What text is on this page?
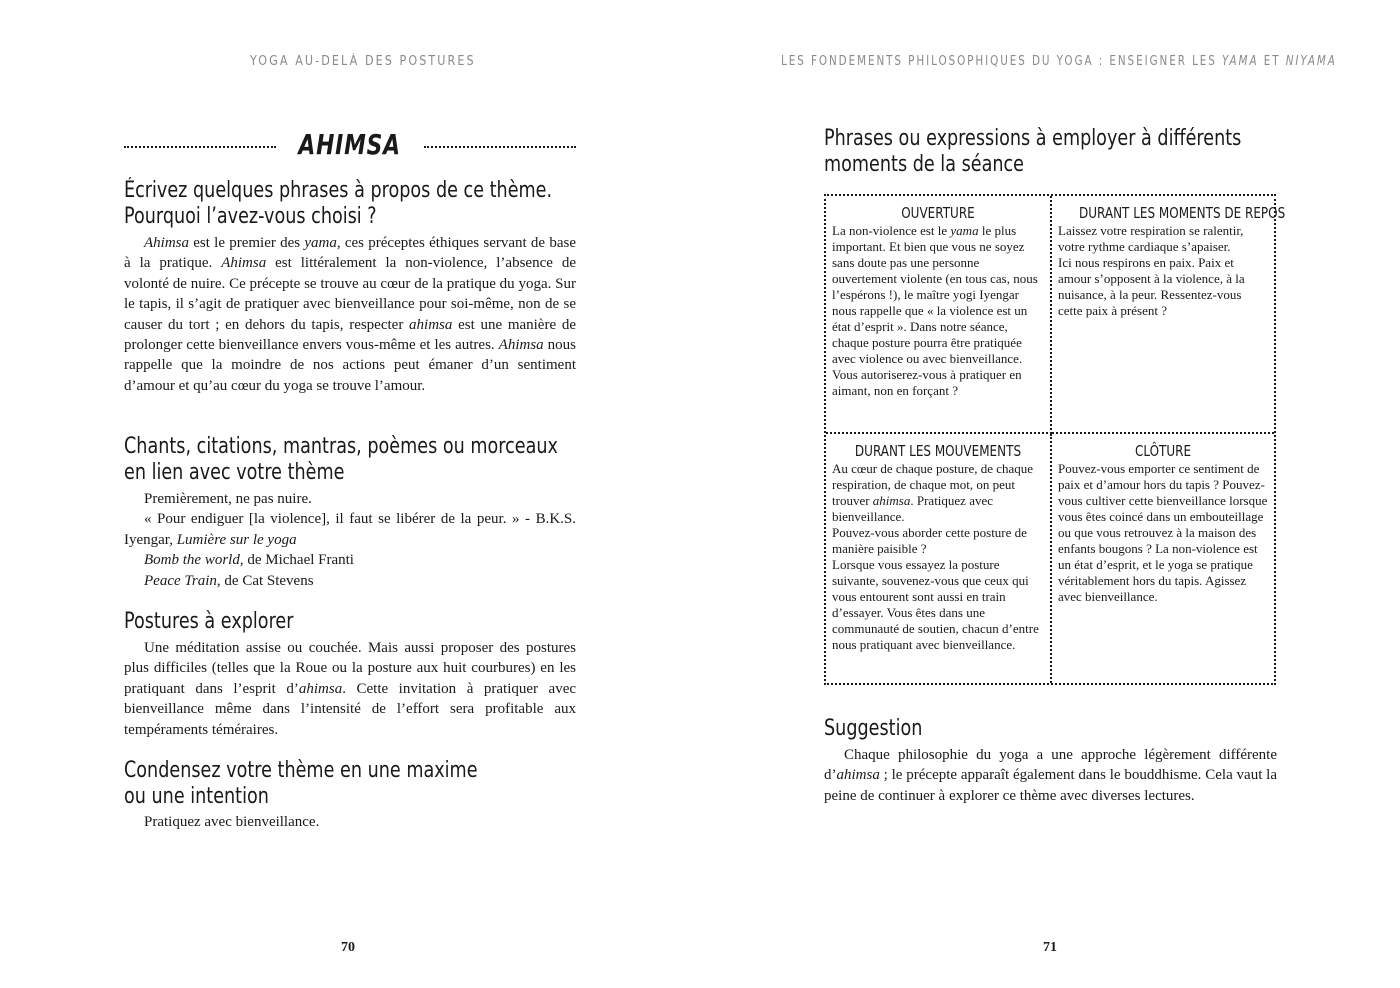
YOGA AU-DELÀ DES POSTURES
AHIMSA
Écrivez quelques phrases à propos de ce thème.
Pourquoi l’avez-vous choisi ?

Ahimsa est le premier des yama, ces préceptes éthiques servant de base à la pratique. Ahimsa est littéralement la non-violence, l’absence de volonté de nuire. Ce précepte se trouve au cœur de la pratique du yoga. Sur le tapis, il s’agit de pratiquer avec bienveillance pour soi-même, non de se causer du tort ; en dehors du tapis, respecter ahimsa est une manière de prolonger cette bienveillance envers vous-même et les autres. Ahimsa nous rappelle que la moindre de nos actions peut émaner d’un sentiment d’amour et qu’au cœur du yoga se trouve l’amour.

Chants, citations, mantras, poèmes ou morceaux
en lien avec votre thème

Premièrement, ne pas nuire.

« Pour endiguer [la violence], il faut se libérer de la peur. » - B.K.S. Iyengar, Lumière sur le yoga

Bomb the world, de Michael Franti

Peace Train, de Cat Stevens

Postures à explorer

Une méditation assise ou couchée. Mais aussi proposer des postures plus difficiles (telles que la Roue ou la posture aux huit courbures) en les pratiquant dans l’esprit d’ahimsa. Cette invitation à pratiquer avec bienveillance même dans l’intensité de l’effort sera profitable aux tempéraments téméraires.

Condensez votre thème en une maxime
ou une intention

Pratiquez avec bienveillance.

70
LES FONDEMENTS PHILOSOPHIQUES DU YOGA : ENSEIGNER LES YAMA ET NIYAMA
Phrases ou expressions à employer à différents
moments de la séance
OUVERTURE

La non-violence est le yama le plus important. Et bien que vous ne soyez sans doute pas une personne ouvertement violente (en tous cas, nous l’espérons !), le maître yogi Iyengar nous rappelle que « la violence est un état d’esprit ». Dans notre séance, chaque posture pourra être pratiquée avec violence ou avec bienveillance. Vous autoriserez-vous à pratiquer en aimant, non en forçant ?

DURANT LES MOMENTS DE REPOS

Laissez votre respiration se ralentir, votre rythme cardiaque s’apaiser.

Ici nous respirons en paix. Paix et amour s’opposent à la violence, à la nuisance, à la peur. Ressentez-vous cette paix à présent ?

DURANT LES MOUVEMENTS

Au cœur de chaque posture, de chaque respiration, de chaque mot, on peut trouver ahimsa. Pratiquez avec bienveillance.

Pouvez-vous aborder cette posture de manière paisible ?

Lorsque vous essayez la posture suivante, souvenez-vous que ceux qui vous entourent sont aussi en train d’essayer. Vous êtes dans une communauté de soutien, chacun d’entre nous pratiquant avec bienveillance.

CLÔTURE

Pouvez-vous emporter ce sentiment de paix et d’amour hors du tapis ? Pouvez-vous cultiver cette bienveillance lorsque vous êtes coincé dans un embouteillage ou que vous retrouvez à la maison des enfants bougons ? La non-violence est un état d’esprit, et le yoga se pratique véritablement hors du tapis. Agissez avec bienveillance.

Suggestion

Chaque philosophie du yoga a une approche légèrement différente d’ahimsa ; le précepte apparaît également dans le bouddhisme. Cela vaut la peine de continuer à explorer ce thème avec diverses lectures.

71
